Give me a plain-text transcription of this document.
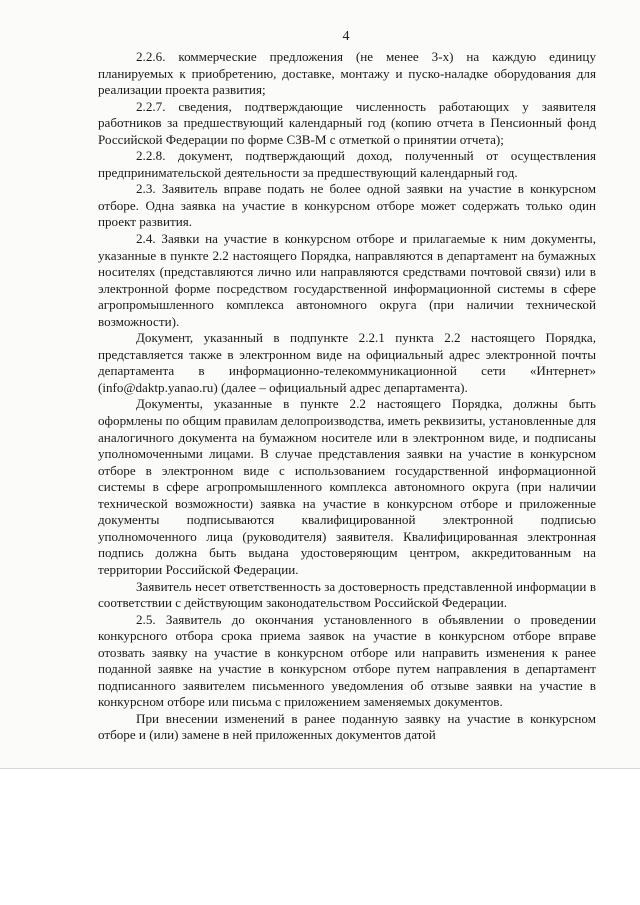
4

2.2.6. коммерческие предложения (не менее 3-х) на каждую единицу планируемых к приобретению, доставке, монтажу и пуско-наладке оборудования для реализации проекта развития;

2.2.7. сведения, подтверждающие численность работающих у заявителя работников за предшествующий календарный год (копию отчета в Пенсионный фонд Российской Федерации по форме СЗВ-М с отметкой о принятии отчета);

2.2.8. документ, подтверждающий доход, полученный от осуществления предпринимательской деятельности за предшествующий календарный год.

2.3. Заявитель вправе подать не более одной заявки на участие в конкурсном отборе. Одна заявка на участие в конкурсном отборе может содержать только один проект развития.

2.4. Заявки на участие в конкурсном отборе и прилагаемые к ним документы, указанные в пункте 2.2 настоящего Порядка, направляются в департамент на бумажных носителях (представляются лично или направляются средствами почтовой связи) или в электронной форме посредством государственной информационной системы в сфере агропромышленного комплекса автономного округа (при наличии технической возможности).

Документ, указанный в подпункте 2.2.1 пункта 2.2 настоящего Порядка, представляется также в электронном виде на официальный адрес электронной почты департамента в информационно-телекоммуникационной сети «Интернет» (info@daktp.yanao.ru) (далее – официальный адрес департамента).

Документы, указанные в пункте 2.2 настоящего Порядка, должны быть оформлены по общим правилам делопроизводства, иметь реквизиты, установленные для аналогичного документа на бумажном носителе или в электронном виде, и подписаны уполномоченными лицами. В случае представления заявки на участие в конкурсном отборе в электронном виде с использованием государственной информационной системы в сфере агропромышленного комплекса автономного округа (при наличии технической возможности) заявка на участие в конкурсном отборе и приложенные документы подписываются квалифицированной электронной подписью уполномоченного лица (руководителя) заявителя. Квалифицированная электронная подпись должна быть выдана удостоверяющим центром, аккредитованным на территории Российской Федерации.

Заявитель несет ответственность за достоверность представленной информации в соответствии с действующим законодательством Российской Федерации.

2.5. Заявитель до окончания установленного в объявлении о проведении конкурсного отбора срока приема заявок на участие в конкурсном отборе вправе отозвать заявку на участие в конкурсном отборе или направить изменения к ранее поданной заявке на участие в конкурсном отборе путем направления в департамент подписанного заявителем письменного уведомления об отзыве заявки на участие в конкурсном отборе или письма с приложением заменяемых документов.

При внесении изменений в ранее поданную заявку на участие в конкурсном отборе и (или) замене в ней приложенных документов датой
